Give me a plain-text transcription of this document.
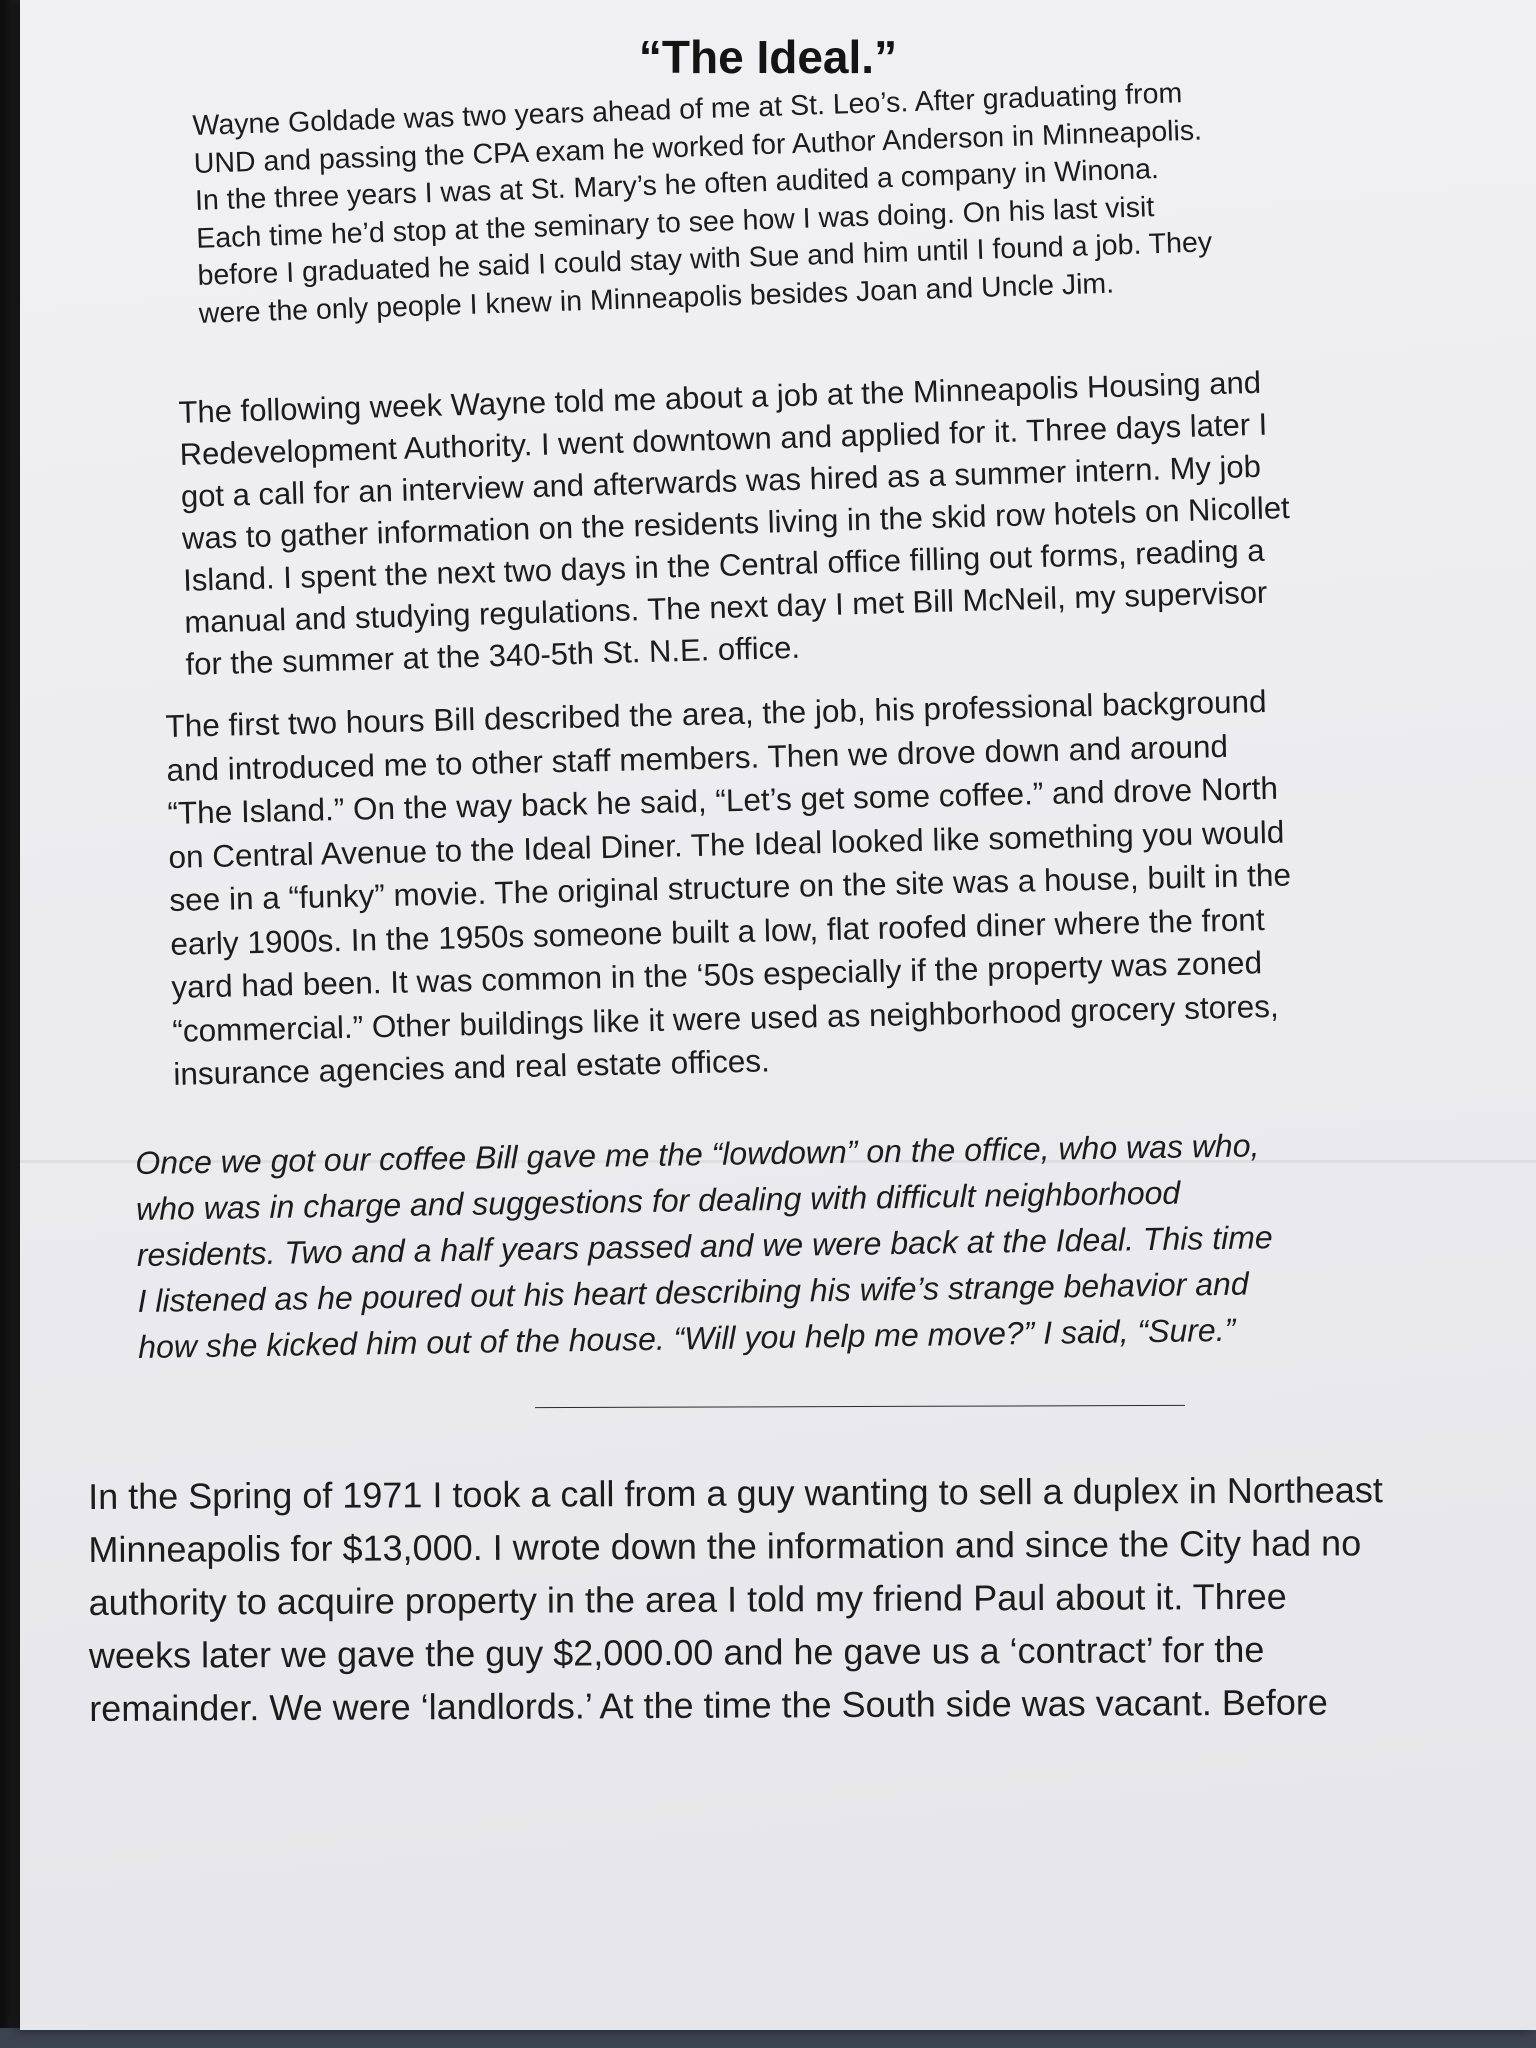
“The Ideal.”

Wayne Goldade was two years ahead of me at St. Leo’s. After graduating from
UND and passing the CPA exam he worked for Author Anderson in Minneapolis.
In the three years I was at St. Mary’s he often audited a company in Winona.
Each time he’d stop at the seminary to see how I was doing. On his last visit
before I graduated he said I could stay with Sue and him until I found a job. They
were the only people I knew in Minneapolis besides Joan and Uncle Jim.

The following week Wayne told me about a job at the Minneapolis Housing and
Redevelopment Authority. I went downtown and applied for it. Three days later I
got a call for an interview and afterwards was hired as a summer intern. My job
was to gather information on the residents living in the skid row hotels on Nicollet
Island. I spent the next two days in the Central office filling out forms, reading a
manual and studying regulations. The next day I met Bill McNeil, my supervisor
for the summer at the 340-5th St. N.E. office.

The first two hours Bill described the area, the job, his professional background
and introduced me to other staff members. Then we drove down and around
“The Island.” On the way back he said, “Let’s get some coffee.” and drove North
on Central Avenue to the Ideal Diner. The Ideal looked like something you would
see in a “funky” movie. The original structure on the site was a house, built in the
early 1900s. In the 1950s someone built a low, flat roofed diner where the front
yard had been. It was common in the ‘50s especially if the property was zoned
“commercial.” Other buildings like it were used as neighborhood grocery stores,
insurance agencies and real estate offices.

Once we got our coffee Bill gave me the “lowdown” on the office, who was who,
who was in charge and suggestions for dealing with difficult neighborhood
residents. Two and a half years passed and we were back at the Ideal. This time
I listened as he poured out his heart describing his wife’s strange behavior and
how she kicked him out of the house. “Will you help me move?” I said, “Sure.”

In the Spring of 1971 I took a call from a guy wanting to sell a duplex in Northeast
Minneapolis for $13,000. I wrote down the information and since the City had no
authority to acquire property in the area I told my friend Paul about it. Three
weeks later we gave the guy $2,000.00 and he gave us a ‘contract’ for the
remainder. We were ‘landlords.’ At the time the South side was vacant. Before
